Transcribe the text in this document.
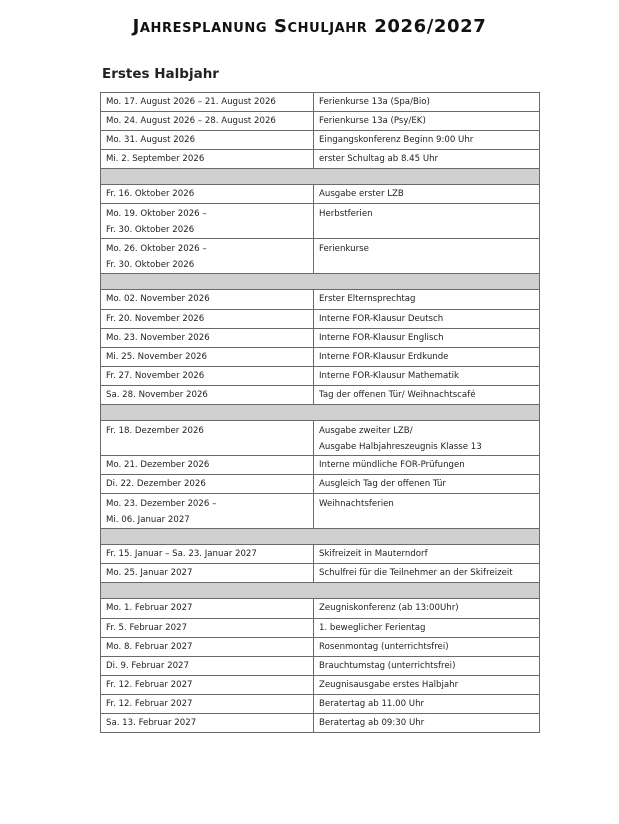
Jahresplanung Schuljahr 2026/2027
Erstes Halbjahr
Mo. 17. August 2026 – 21. August 2026	Ferienkurse 13a (Spa/Bio)

Mo. 24. August 2026 – 28. August 2026	Ferienkurse 13a (Psy/EK)

Mo. 31. August 2026	Eingangskonferenz Beginn 9:00 Uhr

Mi. 2. September 2026	erster Schultag ab 8.45 Uhr

Fr. 16. Oktober 2026	Ausgabe erster LZB

Mo. 19. Oktober 2026 –
Fr. 30. Oktober 2026	Herbstferien

Mo. 26. Oktober 2026 –
Fr. 30. Oktober 2026	Ferienkurse

Mo. 02. November 2026	Erster Elternsprechtag

Fr. 20. November 2026	Interne FOR-Klausur Deutsch

Mo. 23. November 2026	Interne FOR-Klausur Englisch

Mi. 25. November 2026	Interne FOR-Klausur Erdkunde

Fr. 27. November 2026	Interne FOR-Klausur Mathematik

Sa. 28. November 2026	Tag der offenen Tür/ Weihnachtscafé

Fr. 18. Dezember 2026	Ausgabe zweiter LZB/
Ausgabe Halbjahreszeugnis Klasse 13

Mo. 21. Dezember 2026	Interne mündliche FOR-Prüfungen

Di. 22. Dezember 2026	Ausgleich Tag der offenen Tür

Mo. 23. Dezember 2026 –
Mi. 06. Januar 2027	Weihnachtsferien

Fr. 15. Januar – Sa. 23. Januar 2027	Skifreizeit in Mauterndorf

Mo. 25. Januar 2027	Schulfrei für die Teilnehmer an der Skifreizeit

Mo. 1. Februar 2027	Zeugniskonferenz (ab 13:00Uhr)

Fr. 5. Februar 2027	1. beweglicher Ferientag

Mo. 8. Februar 2027	Rosenmontag (unterrichtsfrei)

Di. 9. Februar 2027	Brauchtumstag (unterrichtsfrei)

Fr. 12. Februar 2027	Zeugnisausgabe erstes Halbjahr

Fr. 12. Februar 2027	Beratertag ab 11.00 Uhr

Sa. 13. Februar 2027	Beratertag ab 09:30 Uhr
